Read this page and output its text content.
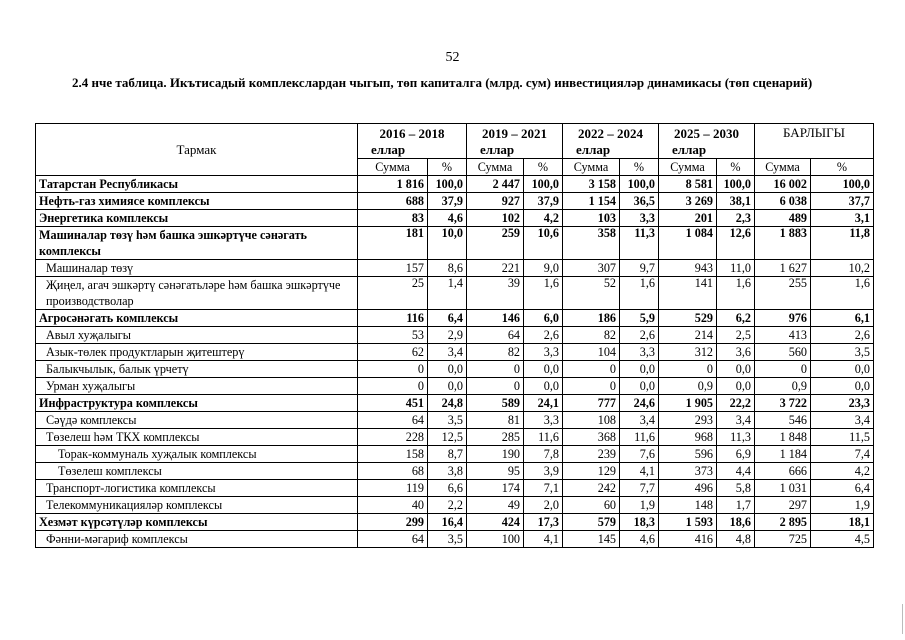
52
2.4 нче таблица. Икътисадый комплекслардан чыгып, төп капиталга (млрд. сум) инвестицияләр динамикасы (төп сценарий)
Тармак	2016 – 2018
еллар		2019 – 2021
еллар		2022 – 2024
еллар		2025 – 2030
еллар		БАРЛЫГЫ	
	Сумма	%	Сумма	%	Сумма	%	Сумма	%	Сумма	%
Татарстан Республикасы	1 816	100,0	2 447	100,0	3 158	100,0	8 581	100,0	16 002	100,0
Нефть-газ химиясе комплексы	688	37,9	927	37,9	1 154	36,5	3 269	38,1	6 038	37,7
Энергетика комплексы	83	4,6	102	4,2	103	3,3	201	2,3	489	3,1
Машиналар төзү һәм башка эшкәртүче сәнәгать комплексы	181	10,0	259	10,6	358	11,3	1 084	12,6	1 883	11,8
Машиналар төзү	157	8,6	221	9,0	307	9,7	943	11,0	1 627	10,2
Җиңел, агач эшкәртү сәнәгатьләре һәм башка эшкәртүче производстволар	25	1,4	39	1,6	52	1,6	141	1,6	255	1,6
Агросәнәгать комплексы	116	6,4	146	6,0	186	5,9	529	6,2	976	6,1
Авыл хуҗалыгы	53	2,9	64	2,6	82	2,6	214	2,5	413	2,6
Азык-төлек продуктларын җитештерү	62	3,4	82	3,3	104	3,3	312	3,6	560	3,5
Балыкчылык, балык үрчетү	0	0,0	0	0,0	0	0,0	0	0,0	0	0,0
Урман хуҗалыгы	0	0,0	0	0,0	0	0,0	0,9	0,0	0,9	0,0
Инфраструктура комплексы	451	24,8	589	24,1	777	24,6	1 905	22,2	3 722	23,3
Сәүдә комплексы	64	3,5	81	3,3	108	3,4	293	3,4	546	3,4
Төзелеш һәм ТКХ комплексы	228	12,5	285	11,6	368	11,6	968	11,3	1 848	11,5
Торак-коммуналь хуҗалык комплексы	158	8,7	190	7,8	239	7,6	596	6,9	1 184	7,4
Төзелеш комплексы	68	3,8	95	3,9	129	4,1	373	4,4	666	4,2
Транспорт-логистика комплексы	119	6,6	174	7,1	242	7,7	496	5,8	1 031	6,4
Телекоммуникацияләр комплексы	40	2,2	49	2,0	60	1,9	148	1,7	297	1,9
Хезмәт күрсәтүләр комплексы	299	16,4	424	17,3	579	18,3	1 593	18,6	2 895	18,1
Фәнни-мәгариф комплексы	64	3,5	100	4,1	145	4,6	416	4,8	725	4,5
